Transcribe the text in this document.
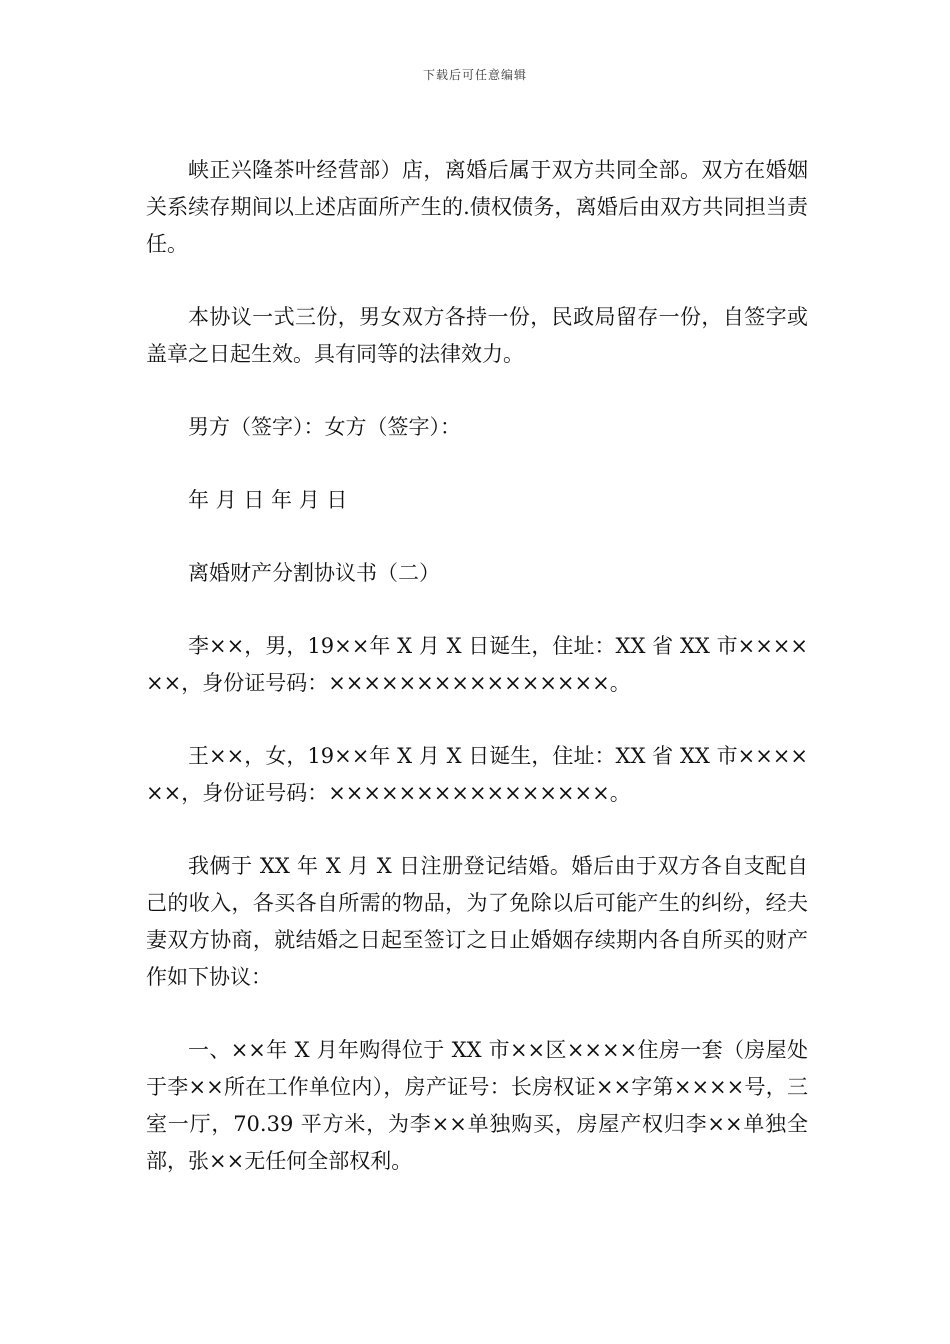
下载后可任意编辑

峡正兴隆茶叶经营部）店，离婚后属于双方共同全部。双方在婚姻关系续存期间以上述店面所产生的.债权债务，离婚后由双方共同担当责任。

本协议一式三份，男女双方各持一份，民政局留存一份，自签字或盖章之日起生效。具有同等的法律效力。

男方（签字）：女方（签字）：

年 月 日 年 月 日

离婚财产分割协议书（二）

李××，男，19××年 X 月 X 日诞生，住址：XX 省 XX 市××××××，身份证号码：××××××××××××××××。

王××，女，19××年 X 月 X 日诞生，住址：XX 省 XX 市××××××，身份证号码：××××××××××××××××。

我俩于 XX 年 X 月 X 日注册登记结婚。婚后由于双方各自支配自己的收入，各买各自所需的物品，为了免除以后可能产生的纠纷，经夫妻双方协商，就结婚之日起至签订之日止婚姻存续期内各自所买的财产作如下协议：

一、××年 X 月年购得位于 XX 市××区××××住房一套（房屋处于李××所在工作单位内），房产证号：长房权证××字第××××号，三室一厅，70.39 平方米，为李××单独购买，房屋产权归李××单独全部，张××无任何全部权利。
